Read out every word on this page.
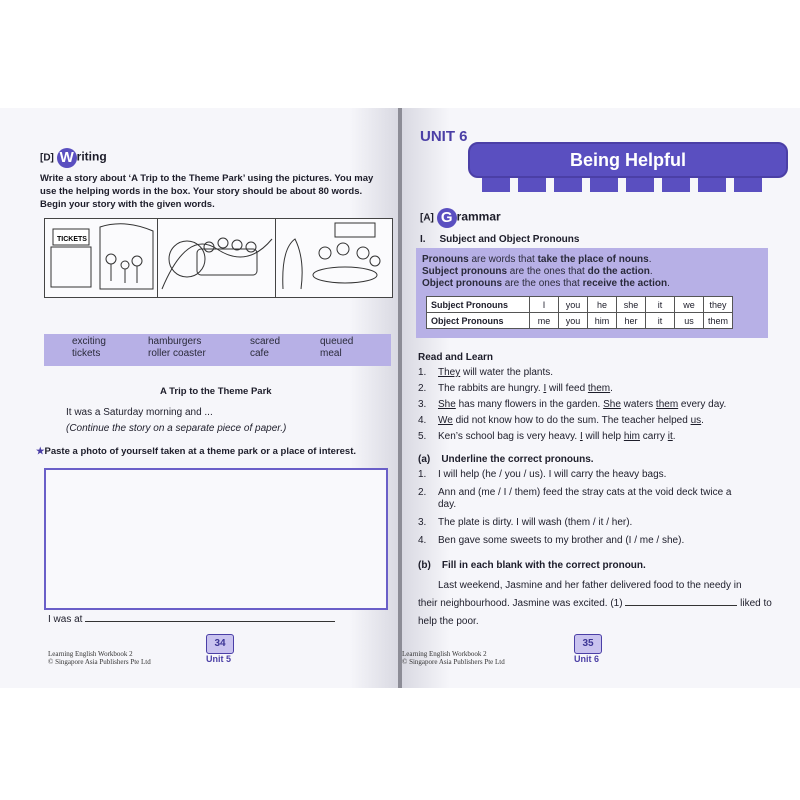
[D] W riting
Write a story about ‘A Trip to the Theme Park’ using the pictures. You may
use the helping words in the box. Your story should be about 80 words.
Begin your story with the given words.
TICKETS
exciting
tickets
hamburgers
roller coaster
scared
cafe
queued
meal
A Trip to the Theme Park
It was a Saturday morning and ...
(Continue the story on a separate piece of paper.)
★Paste a photo of yourself taken at a theme park or a place of interest.
I was at
Learning English Workbook 2
© Singapore Asia Publishers Pte Ltd
34
Unit 5
UNIT 6
Being Helpful
[A] G rammar
I.     Subject and Object Pronouns
Pronouns are words that take the place of nouns.
Subject pronouns are the ones that do the action.
Object pronouns are the ones that receive the action.
Subject Pronouns	I	you	he	she	it	we	they
Object Pronouns	me	you	him	her	it	us	them
Read and Learn
1. They will water the plants.
2. The rabbits are hungry. I will feed them.
3. She has many flowers in the garden. She waters them every day.
4. We did not know how to do the sum. The teacher helped us.
5. Ken’s school bag is very heavy. I will help him carry it.
(a)    Underline the correct pronouns.
1. I will help (he / you / us). I will carry the heavy bags.
2. Ann and (me / I / them) feed the stray cats at the void deck twice a
day.
3. The plate is dirty. I will wash (them / it / her).
4. Ben gave some sweets to my brother and (I / me / she).
(b)    Fill in each blank with the correct pronoun.
Last weekend, Jasmine and her father delivered food to the needy in
their neighbourhood. Jasmine was excited. (1)	liked to
help the poor.
Learning English Workbook 2
© Singapore Asia Publishers Pte Ltd
35
Unit 6
